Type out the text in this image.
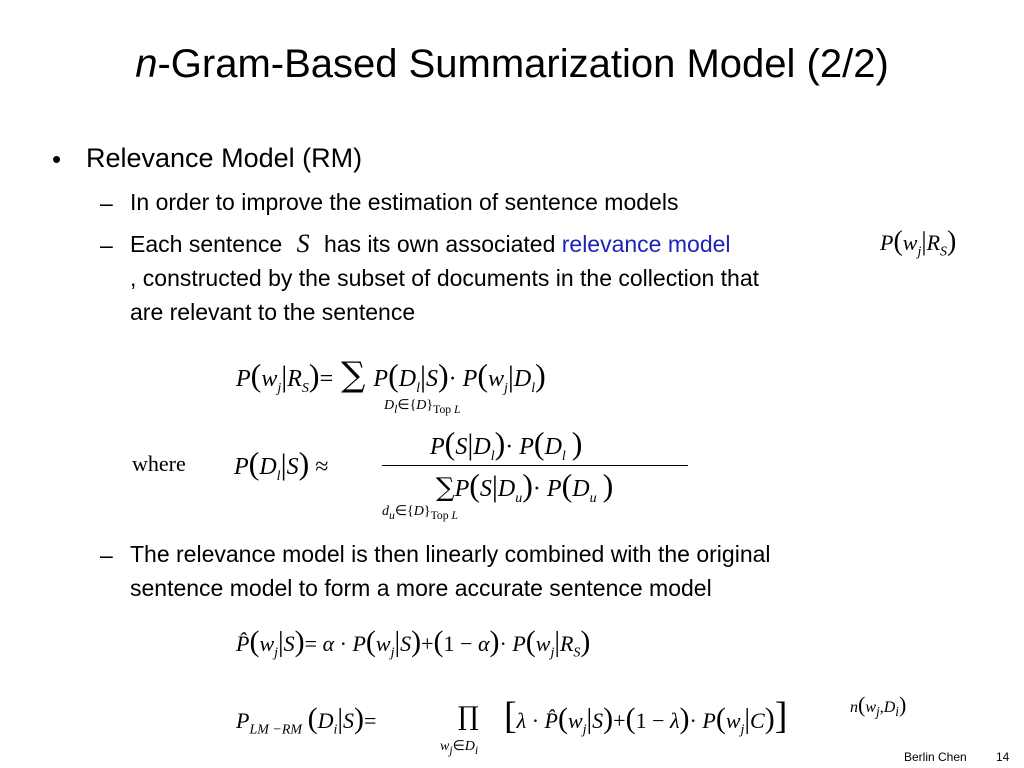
n-Gram-Based Summarization Model (2/2)
• Relevance Model (RM)
– In order to improve the estimation of sentence models
– Each sentence S has its own associated relevance model	$P(w_j|R_S)$
, constructed by the subset of documents in the collection that
are relevant to the sentence
$P(w_j|R_S)=$ ∑ $P(D_l|S)\cdot P(w_j|D_l)$
$D_l\in\{D\}_{Top L}$
where $P(D_l|S)$ ≈
$P(S|D_l)\cdot P(D_l$ )
$\sum P(S|D_u)\cdot P(D_u$ )
$d_u\in\{D\}_{Top L}$
– The relevance model is then linearly combined with the original
sentence model to form a more accurate sentence model
$P̂(w_j|S)= \alpha \cdot P(w_j|S)+(1 - \alpha)\cdot P(w_j|R_S)$
$P_{LM -RM}$ $(D_i|S)=$	∏
$w_j\in D_i$
$[\lambda \cdot P̂(w_j|S)+(1 - \lambda)\cdot P(w_j|C)]$	$n(w_j,D_i)$
Berlin Chen 14
